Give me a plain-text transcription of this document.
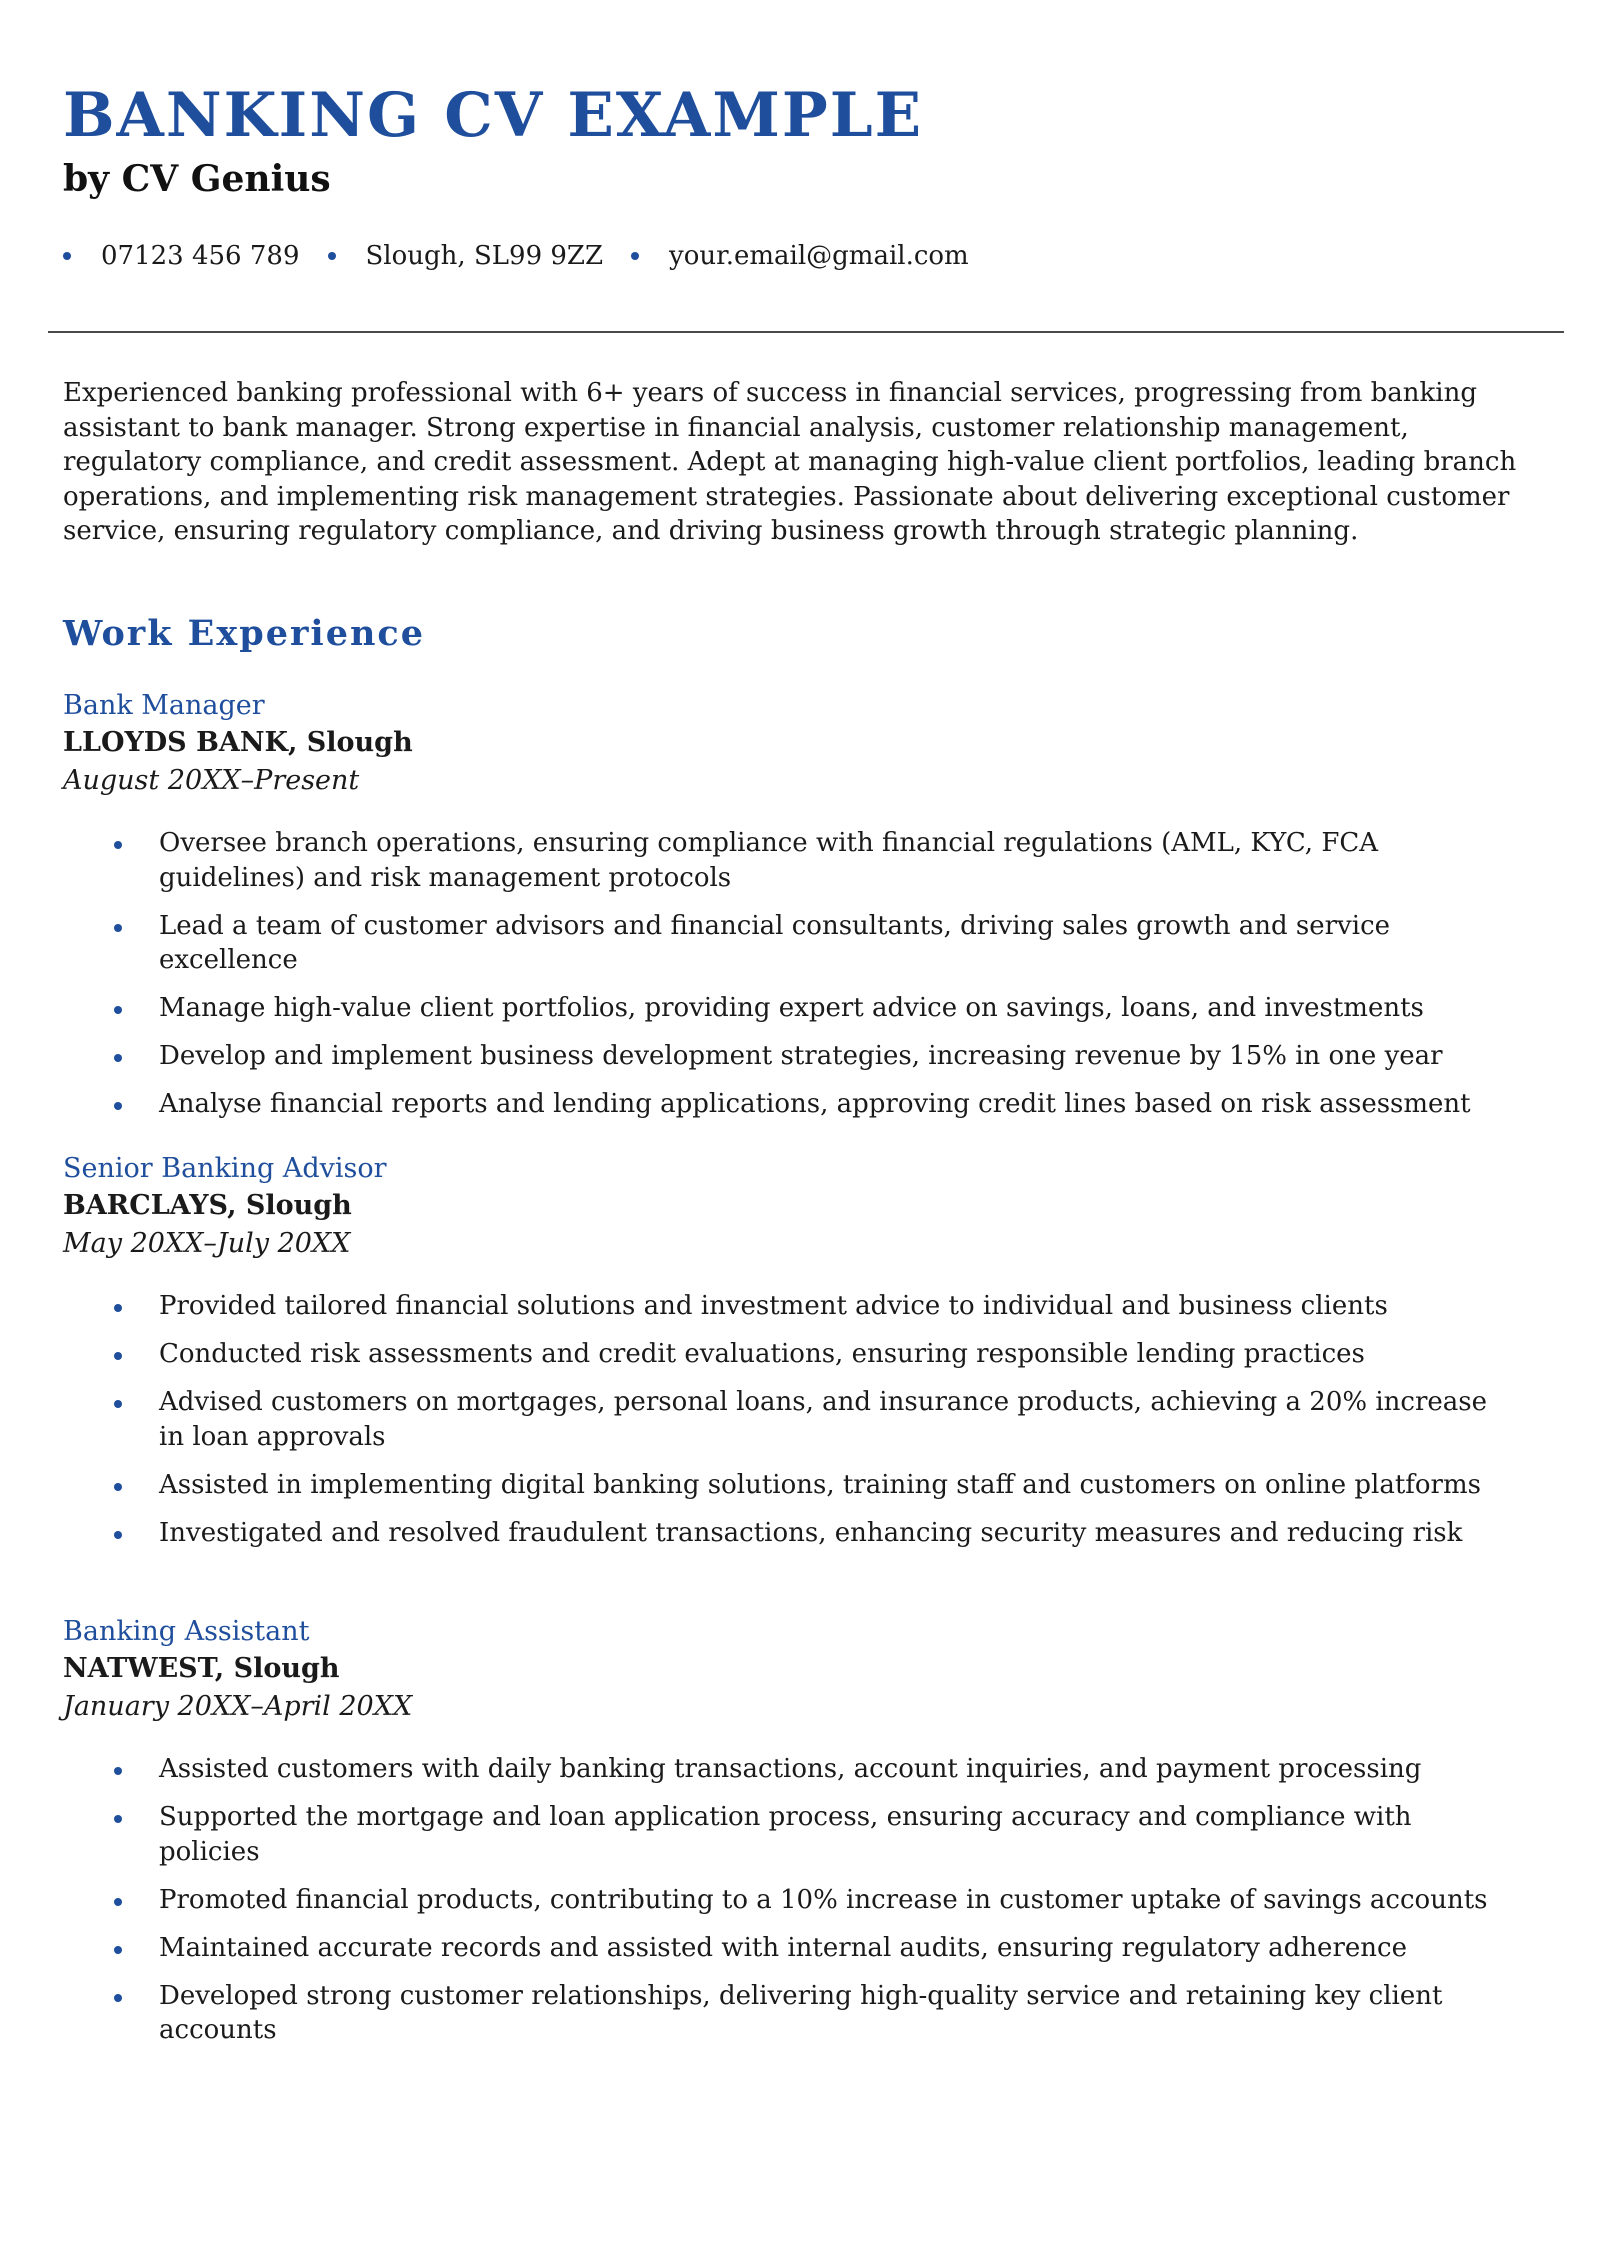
BANKING CV EXAMPLE

by CV Genius

07123 456 789	Slough, SL99 9ZZ	your.email@gmail.com

Experienced banking professional with 6+ years of success in financial services, progressing from banking assistant to bank manager. Strong expertise in financial analysis, customer relationship management, regulatory compliance, and credit assessment. Adept at managing high-value client portfolios, leading branch operations, and implementing risk management strategies. Passionate about delivering exceptional customer service, ensuring regulatory compliance, and driving business growth through strategic planning.

Work Experience

Bank Manager

LLOYDS BANK, Slough

August 20XX–Present

Oversee branch operations, ensuring compliance with financial regulations (AML, KYC, FCA guidelines) and risk management protocols
Lead a team of customer advisors and financial consultants, driving sales growth and service excellence
Manage high-value client portfolios, providing expert advice on savings, loans, and investments
Develop and implement business development strategies, increasing revenue by 15% in one year
Analyse financial reports and lending applications, approving credit lines based on risk assessment

Senior Banking Advisor

BARCLAYS, Slough

May 20XX–July 20XX

Provided tailored financial solutions and investment advice to individual and business clients
Conducted risk assessments and credit evaluations, ensuring responsible lending practices
Advised customers on mortgages, personal loans, and insurance products, achieving a 20% increase in loan approvals
Assisted in implementing digital banking solutions, training staff and customers on online platforms
Investigated and resolved fraudulent transactions, enhancing security measures and reducing risk

Banking Assistant

NATWEST, Slough

January 20XX–April 20XX

Assisted customers with daily banking transactions, account inquiries, and payment processing
Supported the mortgage and loan application process, ensuring accuracy and compliance with policies
Promoted financial products, contributing to a 10% increase in customer uptake of savings accounts
Maintained accurate records and assisted with internal audits, ensuring regulatory adherence
Developed strong customer relationships, delivering high-quality service and retaining key client accounts
